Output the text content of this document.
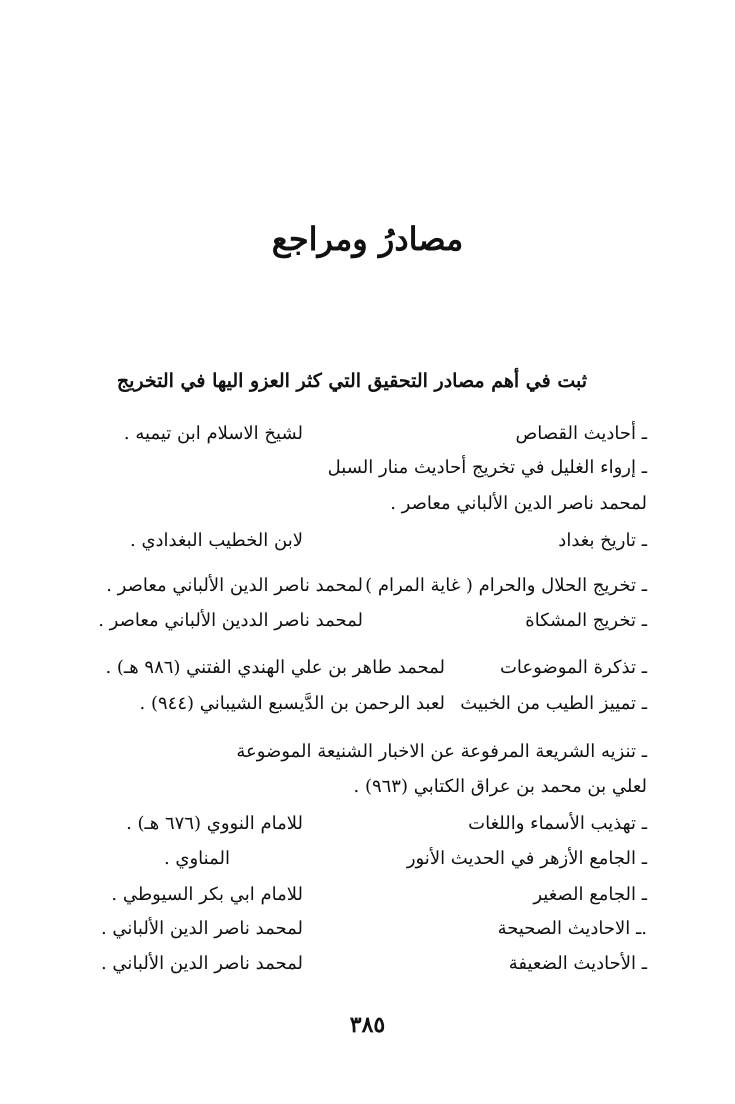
مصادرُ ومراجع
ثبت في أهم مصادر التحقيق التي كثر العزو اليها في التخريج
ـ أحاديث القصاص
لشيخ الاسلام ابن تيميه .
ـ إرواء الغليل في تخريج أحاديث منار السبل
لمحمد ناصر الدين الألباني معاصر .
ـ تاريخ بغداد
لابن الخطيب البغدادي .
ـ تخريج الحلال والحرام ( غاية المرام )
لمحمد ناصر الدين الألباني معاصر .
ـ تخريج المشكاة
لمحمد ناصر الددين الألباني معاصر .
ـ تذكرة الموضوعات
لمحمد طاهر بن علي الهندي الفتني (٩٨٦ هـ) .
ـ تمييز الطيب من الخبيث
لعبد الرحمن بن الدَّيسبع الشيباني (٩٤٤) .
ـ تنزيه الشريعة المرفوعة عن الاخبار الشنيعة الموضوعة
لعلي بن محمد بن عراق الكتابي (٩٦٣) .
ـ تهذيب الأسماء واللغات
للامام النووي (٦٧٦ هـ) .
ـ الجامع الأزهر في الحديث الأنور
المناوي .
ـ الجامع الصغير
للامام ابي بكر السيوطي .
.ـ الاحاديث الصحيحة
لمحمد ناصر الدين الألباني .
ـ الأحاديث الضعيفة
لمحمد ناصر الدين الألباني .
٣٨٥
